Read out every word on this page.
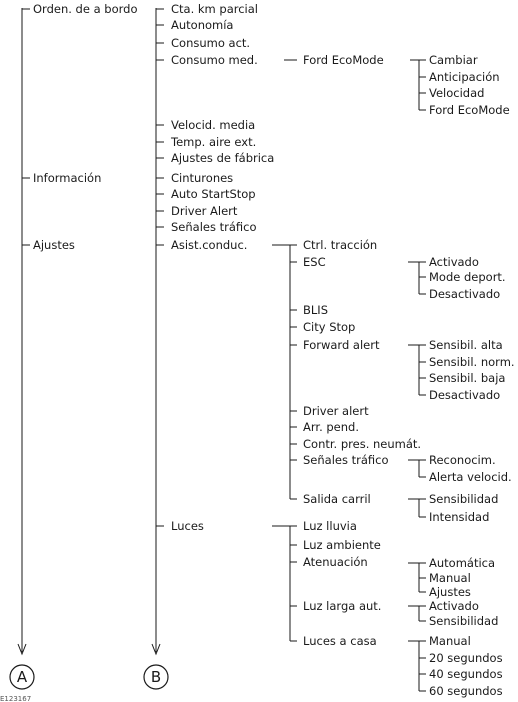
A	B
E123167
Orden. de a bordo
Información
Ajustes
Cta. km parcial
Autonomía
Consumo act.
Consumo med.	Ford EcoMode	Cambiar
Anticipación
Velocidad
Ford EcoMode
Velocid. media
Temp. aire ext.
Ajustes de fábrica
Cinturones
Auto StartStop
Driver Alert
Señales tráfico
Asist.conduc.	Ctrl. tracción
ESC	Activado
Mode deport.
Desactivado
BLIS
City Stop
Forward alert	Sensibil. alta
Sensibil. norm.
Sensibil. baja
Desactivado
Driver alert
Arr. pend.
Contr. pres. neumát.
Señales tráfico	Reconocim.
Alerta velocid.
Salida carril	Sensibilidad
Intensidad
Luces	Luz lluvia
Luz ambiente
Atenuación	Automática
Manual
Ajustes
Luz larga aut.	Activado
Sensibilidad
Luces a casa	Manual
20 segundos
40 segundos
60 segundos
